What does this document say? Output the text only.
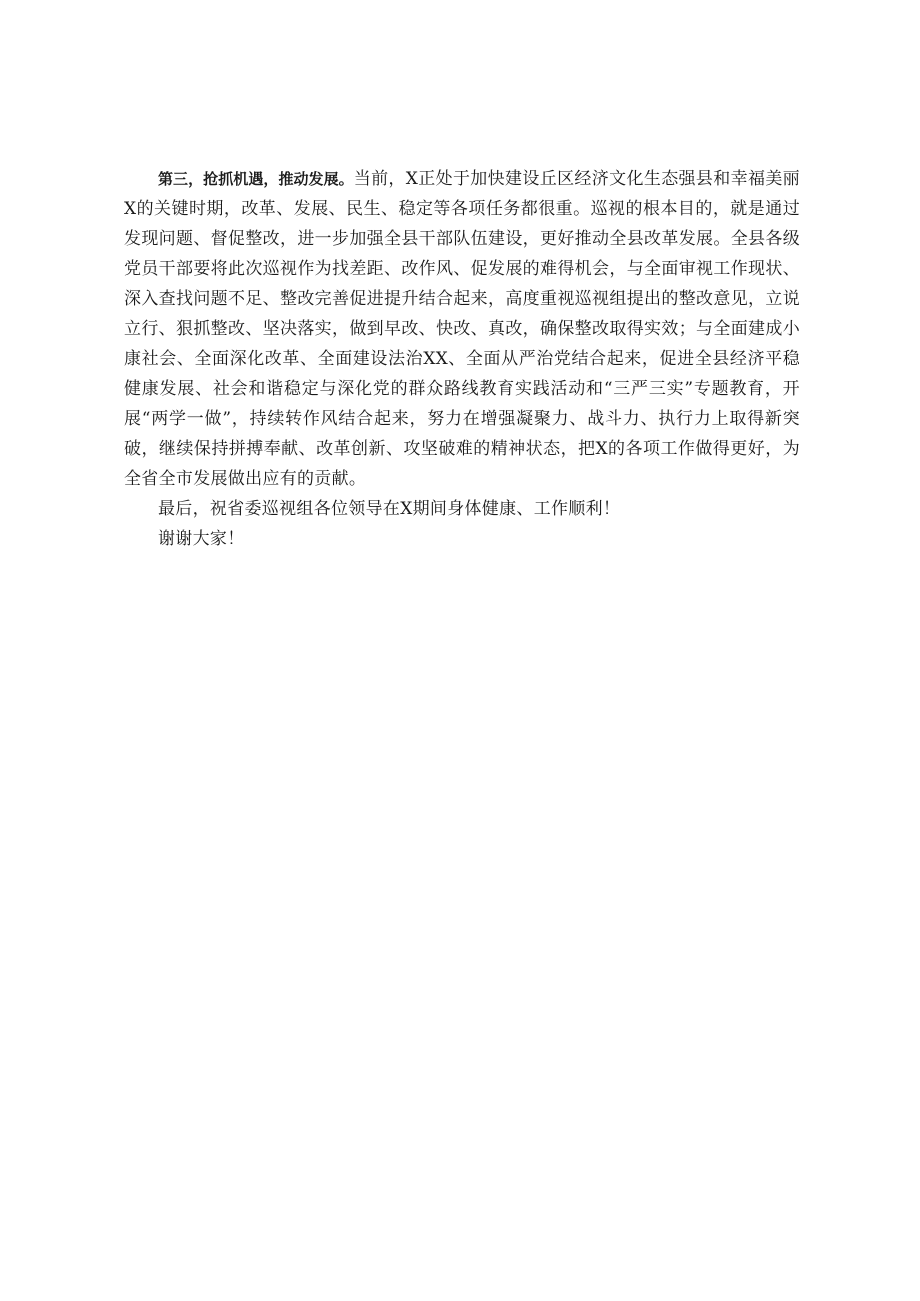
第三，抢抓机遇，推动发展。当前，X正处于加快建设丘区经济文化生态强县和幸福美丽X的关键时期，改革、发展、民生、稳定等各项任务都很重。巡视的根本目的，就是通过发现问题、督促整改，进一步加强全县干部队伍建设，更好推动全县改革发展。全县各级党员干部要将此次巡视作为找差距、改作风、促发展的难得机会，与全面审视工作现状、深入查找问题不足、整改完善促进提升结合起来，高度重视巡视组提出的整改意见，立说立行、狠抓整改、坚决落实，做到早改、快改、真改，确保整改取得实效；与全面建成小康社会、全面深化改革、全面建设法治XX、全面从严治党结合起来，促进全县经济平稳健康发展、社会和谐稳定与深化党的群众路线教育实践活动和“三严三实”专题教育，开展“两学一做”，持续转作风结合起来，努力在增强凝聚力、战斗力、执行力上取得新突破，继续保持拼搏奉献、改革创新、攻坚破难的精神状态，把X的各项工作做得更好，为全省全市发展做出应有的贡献。

最后，祝省委巡视组各位领导在X期间身体健康、工作顺利！

谢谢大家！
